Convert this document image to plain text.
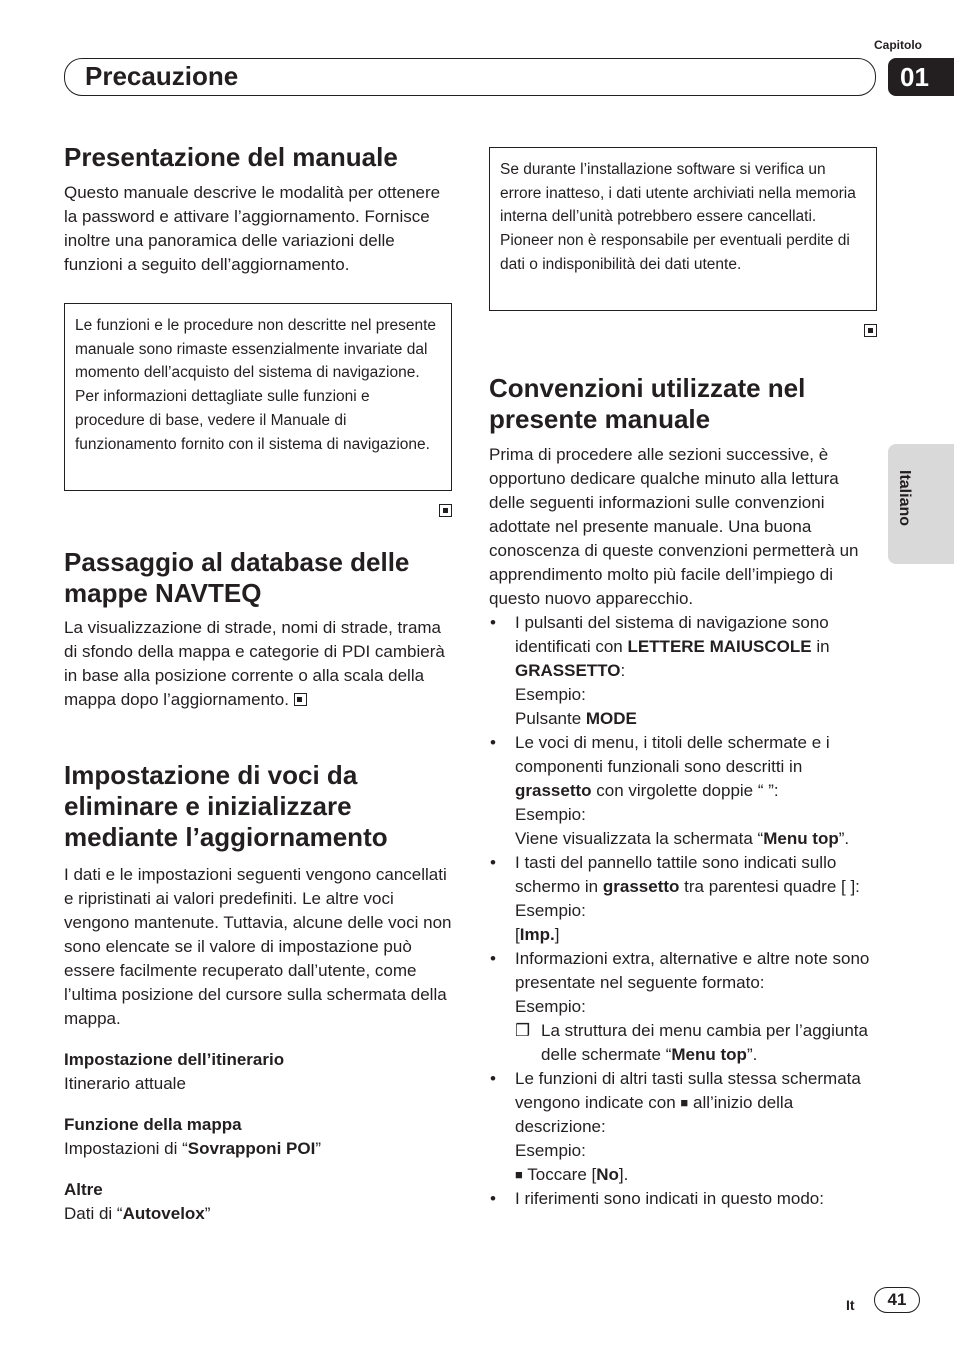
Capitolo
Precauzione	01
Italiano
Presentazione del manuale

Questo manuale descrive le modalità per ottenere la password e attivare l’aggiornamento. Fornisce inoltre una panoramica delle variazioni delle funzioni a seguito dell’aggiornamento.

Le funzioni e le procedure non descritte nel presente manuale sono rimaste essenzialmente invariate dal momento dell’acquisto del sistema di navigazione. Per informazioni dettagliate sulle funzioni e procedure di base, vedere il Manuale di funzionamento fornito con il sistema di navigazione.
Passaggio al database delle mappe NAVTEQ

La visualizzazione di strade, nomi di strade, trama di sfondo della mappa e categorie di PDI cambierà in base alla posizione corrente o alla scala della mappa dopo l’aggiornamento.

Impostazione di voci da eliminare e inizializzare mediante l’aggiornamento

I dati e le impostazioni seguenti vengono cancellati e ripristinati ai valori predefiniti. Le altre voci vengono mantenute. Tuttavia, alcune delle voci non sono elencate se il valore di impostazione può essere facilmente recuperato dall’utente, come l’ultima posizione del cursore sulla schermata della mappa.

Impostazione dell’itinerario
Itinerario attuale
Funzione della mappa
Impostazioni di “Sovrapponi POI”
Altre
Dati di “Autovelox”
Se durante l’installazione software si verifica un errore inatteso, i dati utente archiviati nella memoria interna dell’unità potrebbero essere cancellati. Pioneer non è responsabile per eventuali perdite di dati o indisponibilità dei dati utente.
Convenzioni utilizzate nel presente manuale

Prima di procedere alle sezioni successive, è opportuno dedicare qualche minuto alla lettura delle seguenti informazioni sulle convenzioni adottate nel presente manuale. Una buona conoscenza di queste convenzioni permetterà un apprendimento molto più facile dell’impiego di questo nuovo apparecchio.

• I pulsanti del sistema di navigazione sono identificati con LETTERE MAIUSCOLE in GRASSETTO:
Esempio:
Pulsante MODE
• Le voci di menu, i titoli delle schermate e i componenti funzionali sono descritti in grassetto con virgolette doppie “ ”:
Esempio:
Viene visualizzata la schermata “Menu top”.
• I tasti del pannello tattile sono indicati sullo schermo in grassetto tra parentesi quadre [ ]:
Esempio:
[Imp.]
• Informazioni extra, alternative e altre note sono presentate nel seguente formato:
Esempio:
❒ La struttura dei menu cambia per l’aggiunta delle schermate “Menu top”.
• Le funzioni di altri tasti sulla stessa schermata vengono indicate con ■ all’inizio della descrizione:
Esempio:
■ Toccare [No].
• I riferimenti sono indicati in questo modo:
It	41
